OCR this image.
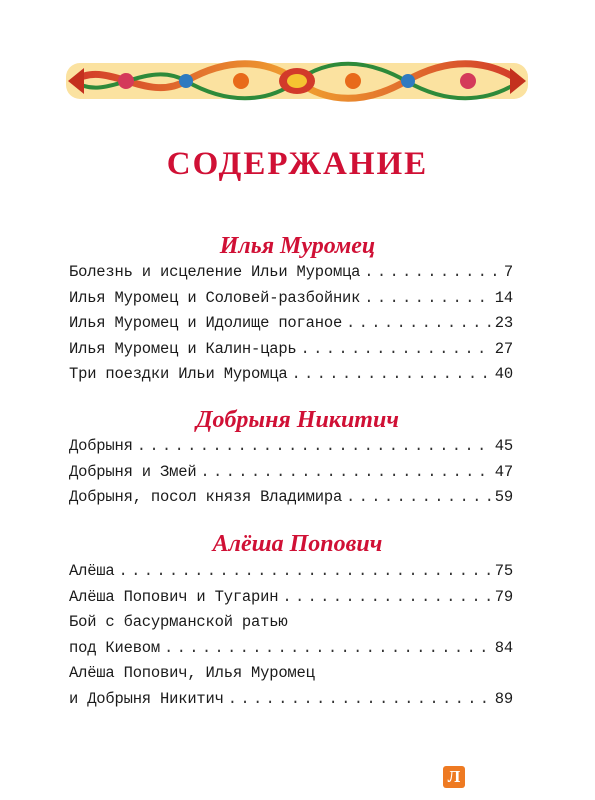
СОДЕРЖАНИЕ
Илья Муромец
Болезнь и исцеление Ильи Муромца . . .	7
Илья Муромец и Соловей-разбойник . . .	14
Илья Муромец и Идолище поганое . . .	23
Илья Муромец и Калин-царь . . .	27
Три поездки Ильи Муромца . . .	40
Добрыня Никитич
Добрыня . . .	45
Добрыня и Змей . . .	47
Добрыня, посол князя Владимира . . .	59
Алёша Попович
Алёша . . .	75
Алёша Попович и Тугарин . . .	79
Бой с басурманской ратью
под Киевом . . .	84
Алёша Попович, Илья Муромец
и Добрыня Никитич . . .	89
Л
